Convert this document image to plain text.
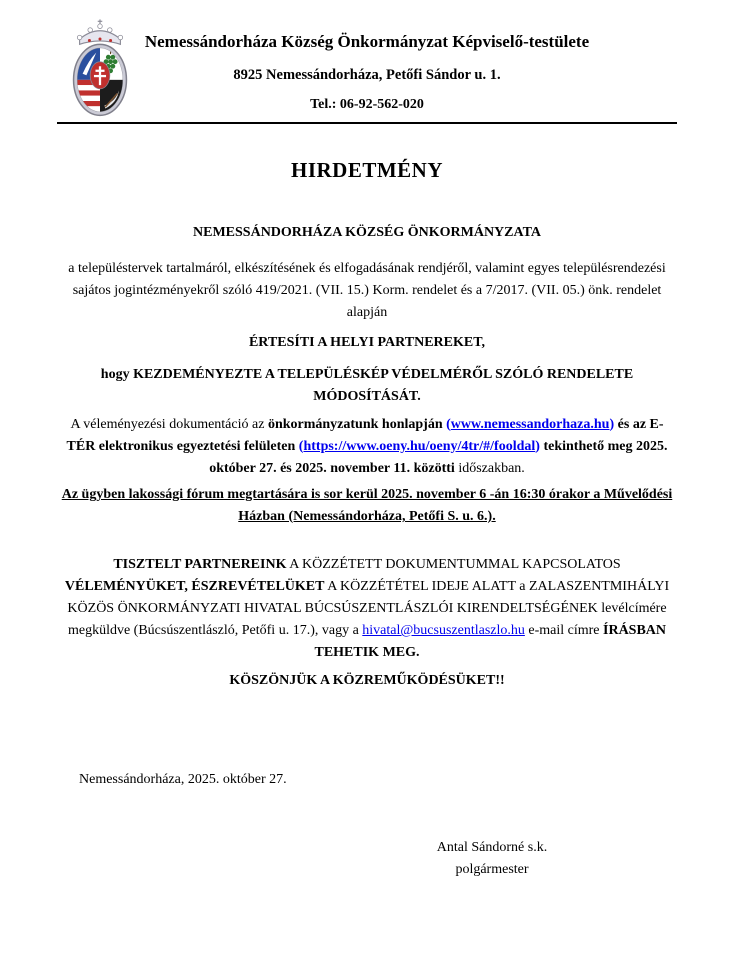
Nemessándorháza Község Önkormányzat Képviselő-testülete
8925 Nemessándorháza, Petőfi Sándor u. 1.
Tel.: 06-92-562-020
HIRDETMÉNY

NEMESSÁNDORHÁZA KÖZSÉG ÖNKORMÁNYZATA

a településtervek tartalmáról, elkészítésének és elfogadásának rendjéről, valamint egyes településrendezési sajátos jogintézményekről szóló 419/2021. (VII. 15.) Korm. rendelet és a 7/2017. (VII. 05.) önk. rendelet alapján

ÉRTESÍTI A HELYI PARTNEREKET,

hogy KEZDEMÉNYEZTE A TELEPÜLÉSKÉP VÉDELMÉRŐL SZÓLÓ RENDELETE MÓDOSÍTÁSÁT.

A véleményezési dokumentáció az önkormányzatunk honlapján (www.nemessandorhaza.hu) és az E-TÉR elektronikus egyeztetési felületen (https://www.oeny.hu/oeny/4tr/#/fooldal) tekinthető meg 2025. október 27. és 2025. november 11. közötti időszakban.

Az ügyben lakossági fórum megtartására is sor kerül 2025. november 6 -án 16:30 órakor a Művelődési Házban (Nemessándorháza, Petőfi S. u. 6.).

TISZTELT PARTNEREINK A KÖZZÉTETT DOKUMENTUMMAL KAPCSOLATOS VÉLEMÉNYÜKET, ÉSZREVÉTELÜKET A KÖZZÉTÉTEL IDEJE ALATT a ZALASZENTMIHÁLYI KÖZÖS ÖNKORMÁNYZATI HIVATAL BÚCSÚSZENTLÁSZLÓI KIRENDELTSÉGÉNEK levélcímére megküldve (Búcsúszentlászló, Petőfi u. 17.), vagy a hivatal@bucsuszentlaszlo.hu e-mail címre ÍRÁSBAN TEHETIK MEG.

KÖSZÖNJÜK A KÖZREMŰKÖDÉSÜKET!!

Nemessándorháza, 2025. október 27.

Antal Sándorné s.k.
polgármester
